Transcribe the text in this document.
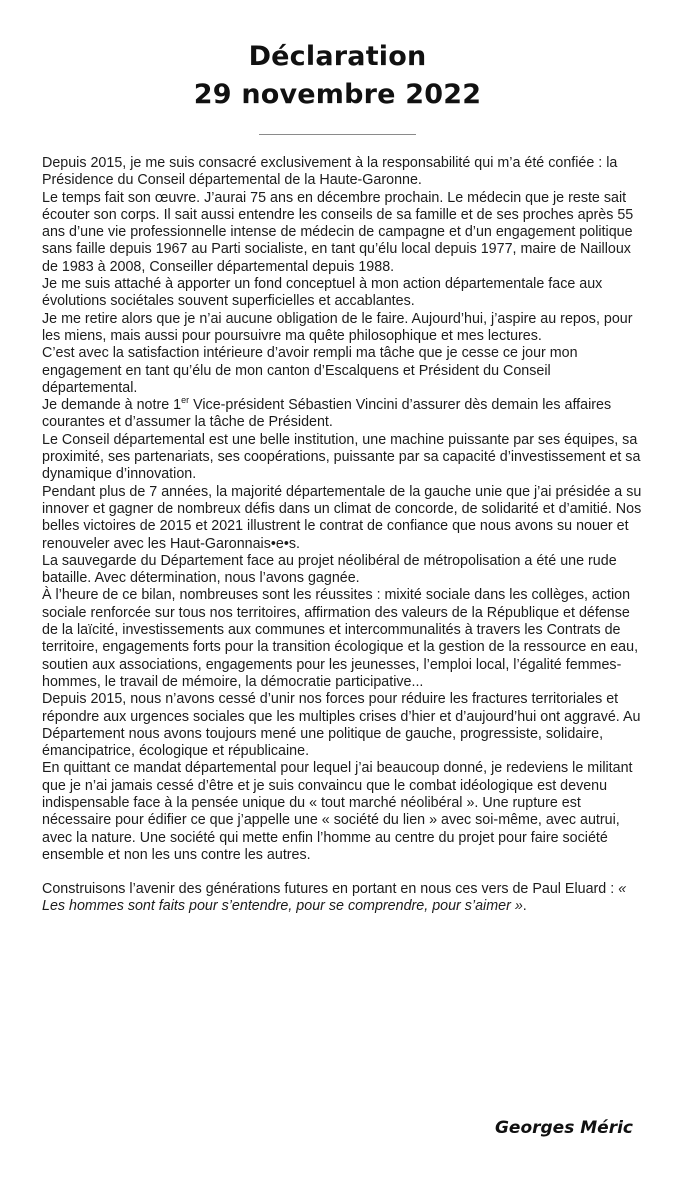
Déclaration
29 novembre 2022

Depuis 2015, je me suis consacré exclusivement à la responsabilité qui m’a été confiée : la Présidence du Conseil départemental de la Haute-Garonne.

Le temps fait son œuvre. J’aurai 75 ans en décembre prochain. Le médecin que je reste sait écouter son corps. Il sait aussi entendre les conseils de sa famille et de ses proches après 55 ans d’une vie professionnelle intense de médecin de campagne et d’un engagement politique sans faille depuis 1967 au Parti socialiste, en tant qu’élu local depuis 1977, maire de Nailloux de 1983 à 2008, Conseiller départemental depuis 1988.

Je me suis attaché à apporter un fond conceptuel à mon action départementale face aux évolutions sociétales souvent superficielles et accablantes.

Je me retire alors que je n’ai aucune obligation de le faire. Aujourd’hui, j’aspire au repos, pour les miens, mais aussi pour poursuivre ma quête philosophique et mes lectures.

C’est avec la satisfaction intérieure d’avoir rempli ma tâche que je cesse ce jour mon engagement en tant qu’élu de mon canton d’Escalquens et Président du Conseil départemental.

Je demande à notre 1er Vice-président Sébastien Vincini d’assurer dès demain les affaires courantes et d’assumer la tâche de Président.

Le Conseil départemental est une belle institution, une machine puissante par ses équipes, sa proximité, ses partenariats, ses coopérations, puissante par sa capacité d’investissement et sa dynamique d’innovation.

Pendant plus de 7 années, la majorité départementale de la gauche unie que j’ai présidée a su innover et gagner de nombreux défis dans un climat de concorde, de solidarité et d’amitié. Nos belles victoires de 2015 et 2021 illustrent le contrat de confiance que nous avons su nouer et renouveler avec les Haut-Garonnais•e•s.

La sauvegarde du Département face au projet néolibéral de métropolisation a été une rude bataille. Avec détermination, nous l’avons gagnée.

À l’heure de ce bilan, nombreuses sont les réussites : mixité sociale dans les collèges, action sociale renforcée sur tous nos territoires, affirmation des valeurs de la République et défense de la laïcité, investissements aux communes et intercommunalités à travers les Contrats de territoire, engagements forts pour la transition écologique et la gestion de la ressource en eau, soutien aux associations, engagements pour les jeunesses, l’emploi local, l’égalité femmes-hommes, le travail de mémoire, la démocratie participative...

Depuis 2015, nous n’avons cessé d’unir nos forces pour réduire les fractures territoriales et répondre aux urgences sociales que les multiples crises d’hier et d’aujourd’hui ont aggravé. Au Département nous avons toujours mené une politique de gauche, progressiste, solidaire, émancipatrice, écologique et républicaine.

En quittant ce mandat départemental pour lequel j’ai beaucoup donné, je redeviens le militant que je n’ai jamais cessé d’être et je suis convaincu que le combat idéologique est devenu indispensable face à la pensée unique du « tout marché néolibéral ». Une rupture est nécessaire pour édifier ce que j’appelle une « société du lien » avec soi-même, avec autrui, avec la nature. Une société qui mette enfin l’homme au centre du projet pour faire société ensemble et non les uns contre les autres.

Construisons l’avenir des générations futures en portant en nous ces vers de Paul Eluard : « Les hommes sont faits pour s’entendre, pour se comprendre, pour s’aimer ».

Georges Méric
